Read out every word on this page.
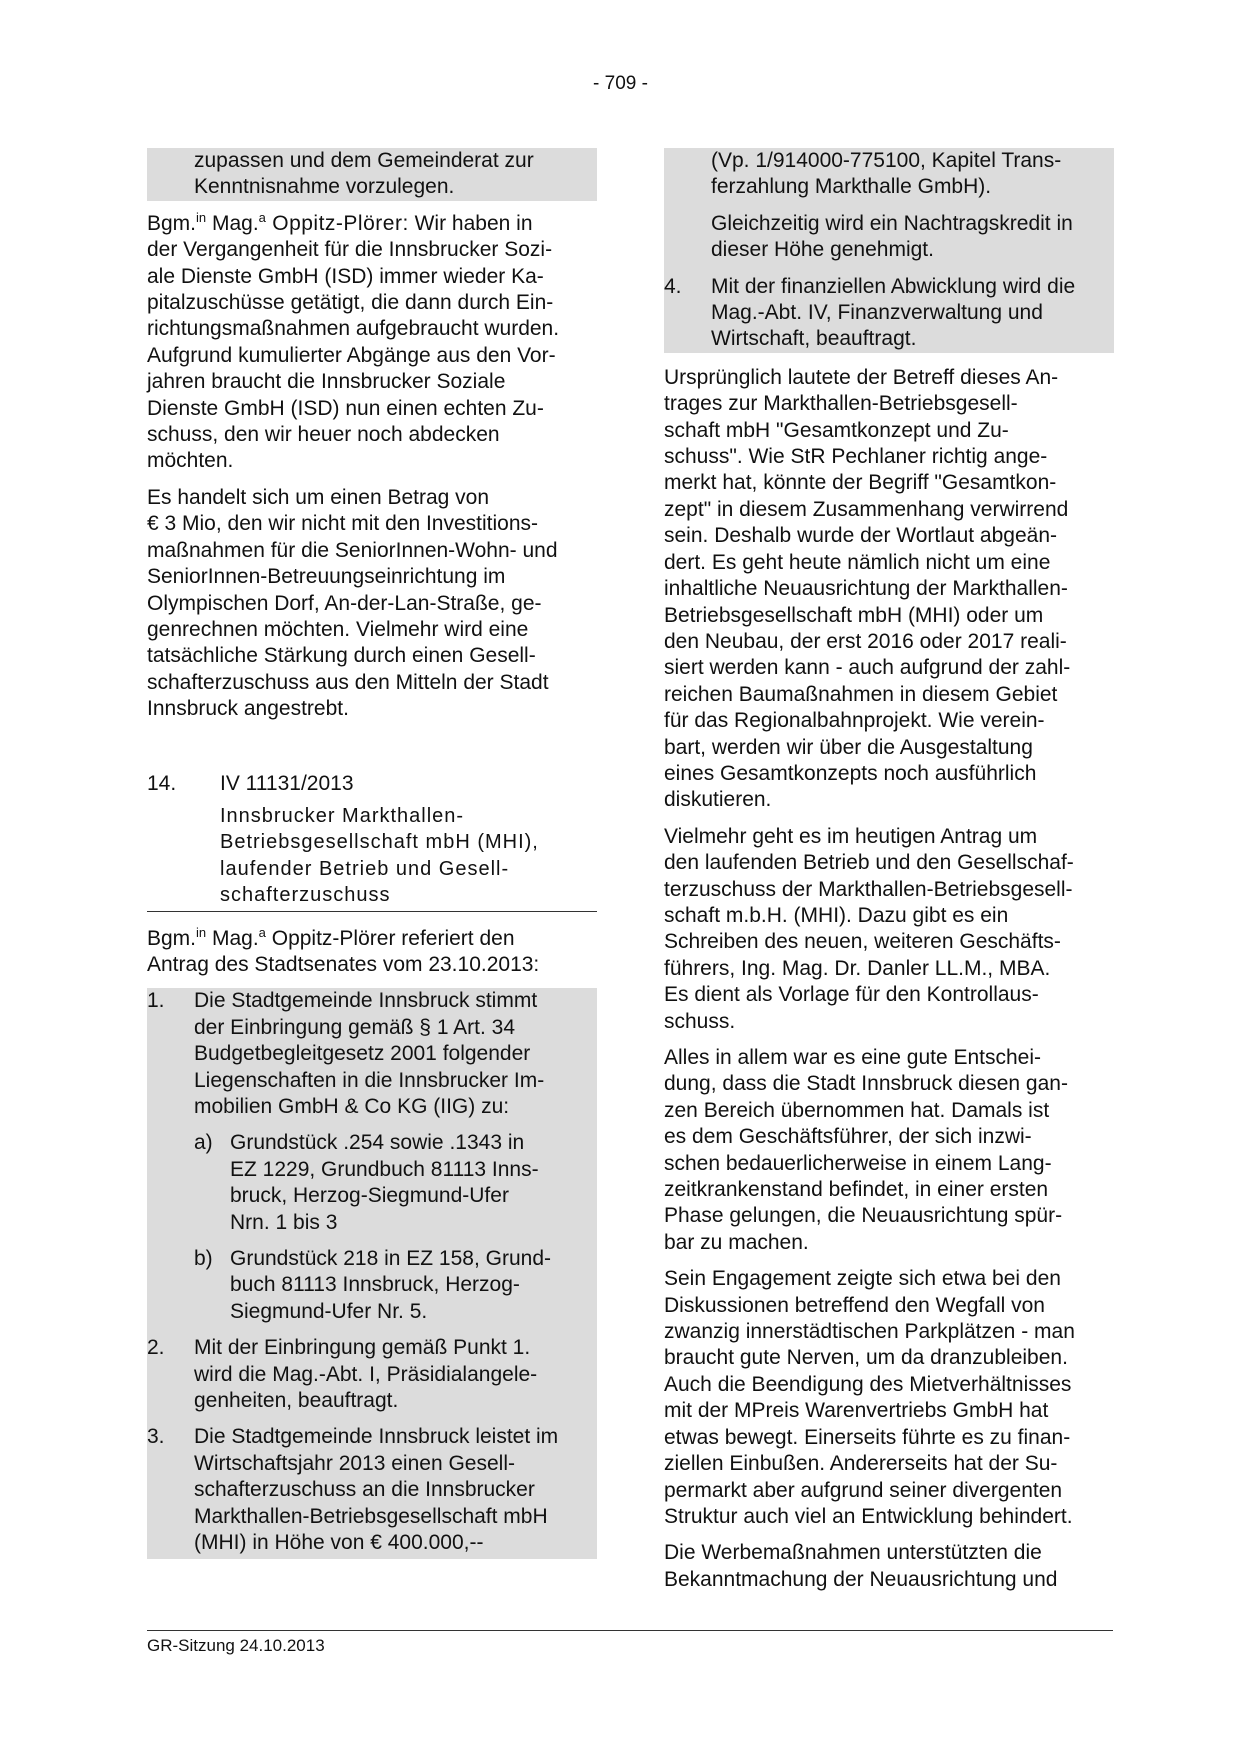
- 709 -
zupassen und dem Gemeinderat zur
Kenntnisnahme vorzulegen.
Bgm.$^{in}$ Mag.$^a$ Oppitz-Plörer: Wir haben in
der Vergangenheit für die Innsbrucker Sozi-
ale Dienste GmbH (ISD) immer wieder Ka-
pitalzuschüsse getätigt, die dann durch Ein-
richtungsmaßnahmen aufgebraucht wurden.
Aufgrund kumulierter Abgänge aus den Vor-
jahren braucht die Innsbrucker Soziale
Dienste GmbH (ISD) nun einen echten Zu-
schuss, den wir heuer noch abdecken
möchten.
Es handelt sich um einen Betrag von
€ 3 Mio, den wir nicht mit den Investitions-
maßnahmen für die SeniorInnen-Wohn- und
SeniorInnen-Betreuungseinrichtung im
Olympischen Dorf, An-der-Lan-Straße, ge-
genrechnen möchten. Vielmehr wird eine
tatsächliche Stärkung durch einen Gesell-
schafterzuschuss aus den Mitteln der Stadt
Innsbruck angestrebt.
14.	IV 11131/2013
Innsbrucker Markthallen-
Betriebsgesellschaft mbH (MHI),
laufender Betrieb und Gesell-
schafterzuschuss
Bgm.$^{in}$ Mag.$^a$ Oppitz-Plörer referiert den
Antrag des Stadtsenates vom 23.10.2013:
1.	Die Stadtgemeinde Innsbruck stimmt
der Einbringung gemäß § 1 Art. 34
Budgetbegleitgesetz 2001 folgender
Liegenschaften in die Innsbrucker Im-
mobilien GmbH & Co KG (IIG) zu:
a) Grundstück .254 sowie .1343 in
EZ 1229, Grundbuch 81113 Inns-
bruck, Herzog-Siegmund-Ufer
Nrn. 1 bis 3
b) Grundstück 218 in EZ 158, Grund-
buch 81113 Innsbruck, Herzog-
Siegmund-Ufer Nr. 5.
2.	Mit der Einbringung gemäß Punkt 1.
wird die Mag.-Abt. I, Präsidialangele-
genheiten, beauftragt.
3.	Die Stadtgemeinde Innsbruck leistet im
Wirtschaftsjahr 2013 einen Gesell-
schafterzuschuss an die Innsbrucker
Markthallen-Betriebsgesellschaft mbH
(MHI) in Höhe von € 400.000,--
(Vp. 1/914000-775100, Kapitel Trans-
ferzahlung Markthalle GmbH).
Gleichzeitig wird ein Nachtragskredit in
dieser Höhe genehmigt.
4.	Mit der finanziellen Abwicklung wird die
Mag.-Abt. IV, Finanzverwaltung und
Wirtschaft, beauftragt.
Ursprünglich lautete der Betreff dieses An-
trages zur Markthallen-Betriebsgesell-
schaft mbH "Gesamtkonzept und Zu-
schuss". Wie StR Pechlaner richtig ange-
merkt hat, könnte der Begriff "Gesamtkon-
zept" in diesem Zusammenhang verwirrend
sein. Deshalb wurde der Wortlaut abgeän-
dert. Es geht heute nämlich nicht um eine
inhaltliche Neuausrichtung der Markthallen-
Betriebsgesellschaft mbH (MHI) oder um
den Neubau, der erst 2016 oder 2017 reali-
siert werden kann - auch aufgrund der zahl-
reichen Baumaßnahmen in diesem Gebiet
für das Regionalbahnprojekt. Wie verein-
bart, werden wir über die Ausgestaltung
eines Gesamtkonzepts noch ausführlich
diskutieren.
Vielmehr geht es im heutigen Antrag um
den laufenden Betrieb und den Gesellschaf-
terzuschuss der Markthallen-Betriebsgesell-
schaft m.b.H. (MHI). Dazu gibt es ein
Schreiben des neuen, weiteren Geschäfts-
führers, Ing. Mag. Dr. Danler LL.M., MBA.
Es dient als Vorlage für den Kontrollaus-
schuss.
Alles in allem war es eine gute Entschei-
dung, dass die Stadt Innsbruck diesen gan-
zen Bereich übernommen hat. Damals ist
es dem Geschäftsführer, der sich inzwi-
schen bedauerlicherweise in einem Lang-
zeitkrankenstand befindet, in einer ersten
Phase gelungen, die Neuausrichtung spür-
bar zu machen.
Sein Engagement zeigte sich etwa bei den
Diskussionen betreffend den Wegfall von
zwanzig innerstädtischen Parkplätzen - man
braucht gute Nerven, um da dranzubleiben.
Auch die Beendigung des Mietverhältnisses
mit der MPreis Warenvertriebs GmbH hat
etwas bewegt. Einerseits führte es zu finan-
ziellen Einbußen. Andererseits hat der Su-
permarkt aber aufgrund seiner divergenten
Struktur auch viel an Entwicklung behindert.
Die Werbemaßnahmen unterstützten die
Bekanntmachung der Neuausrichtung und
GR-Sitzung 24.10.2013
